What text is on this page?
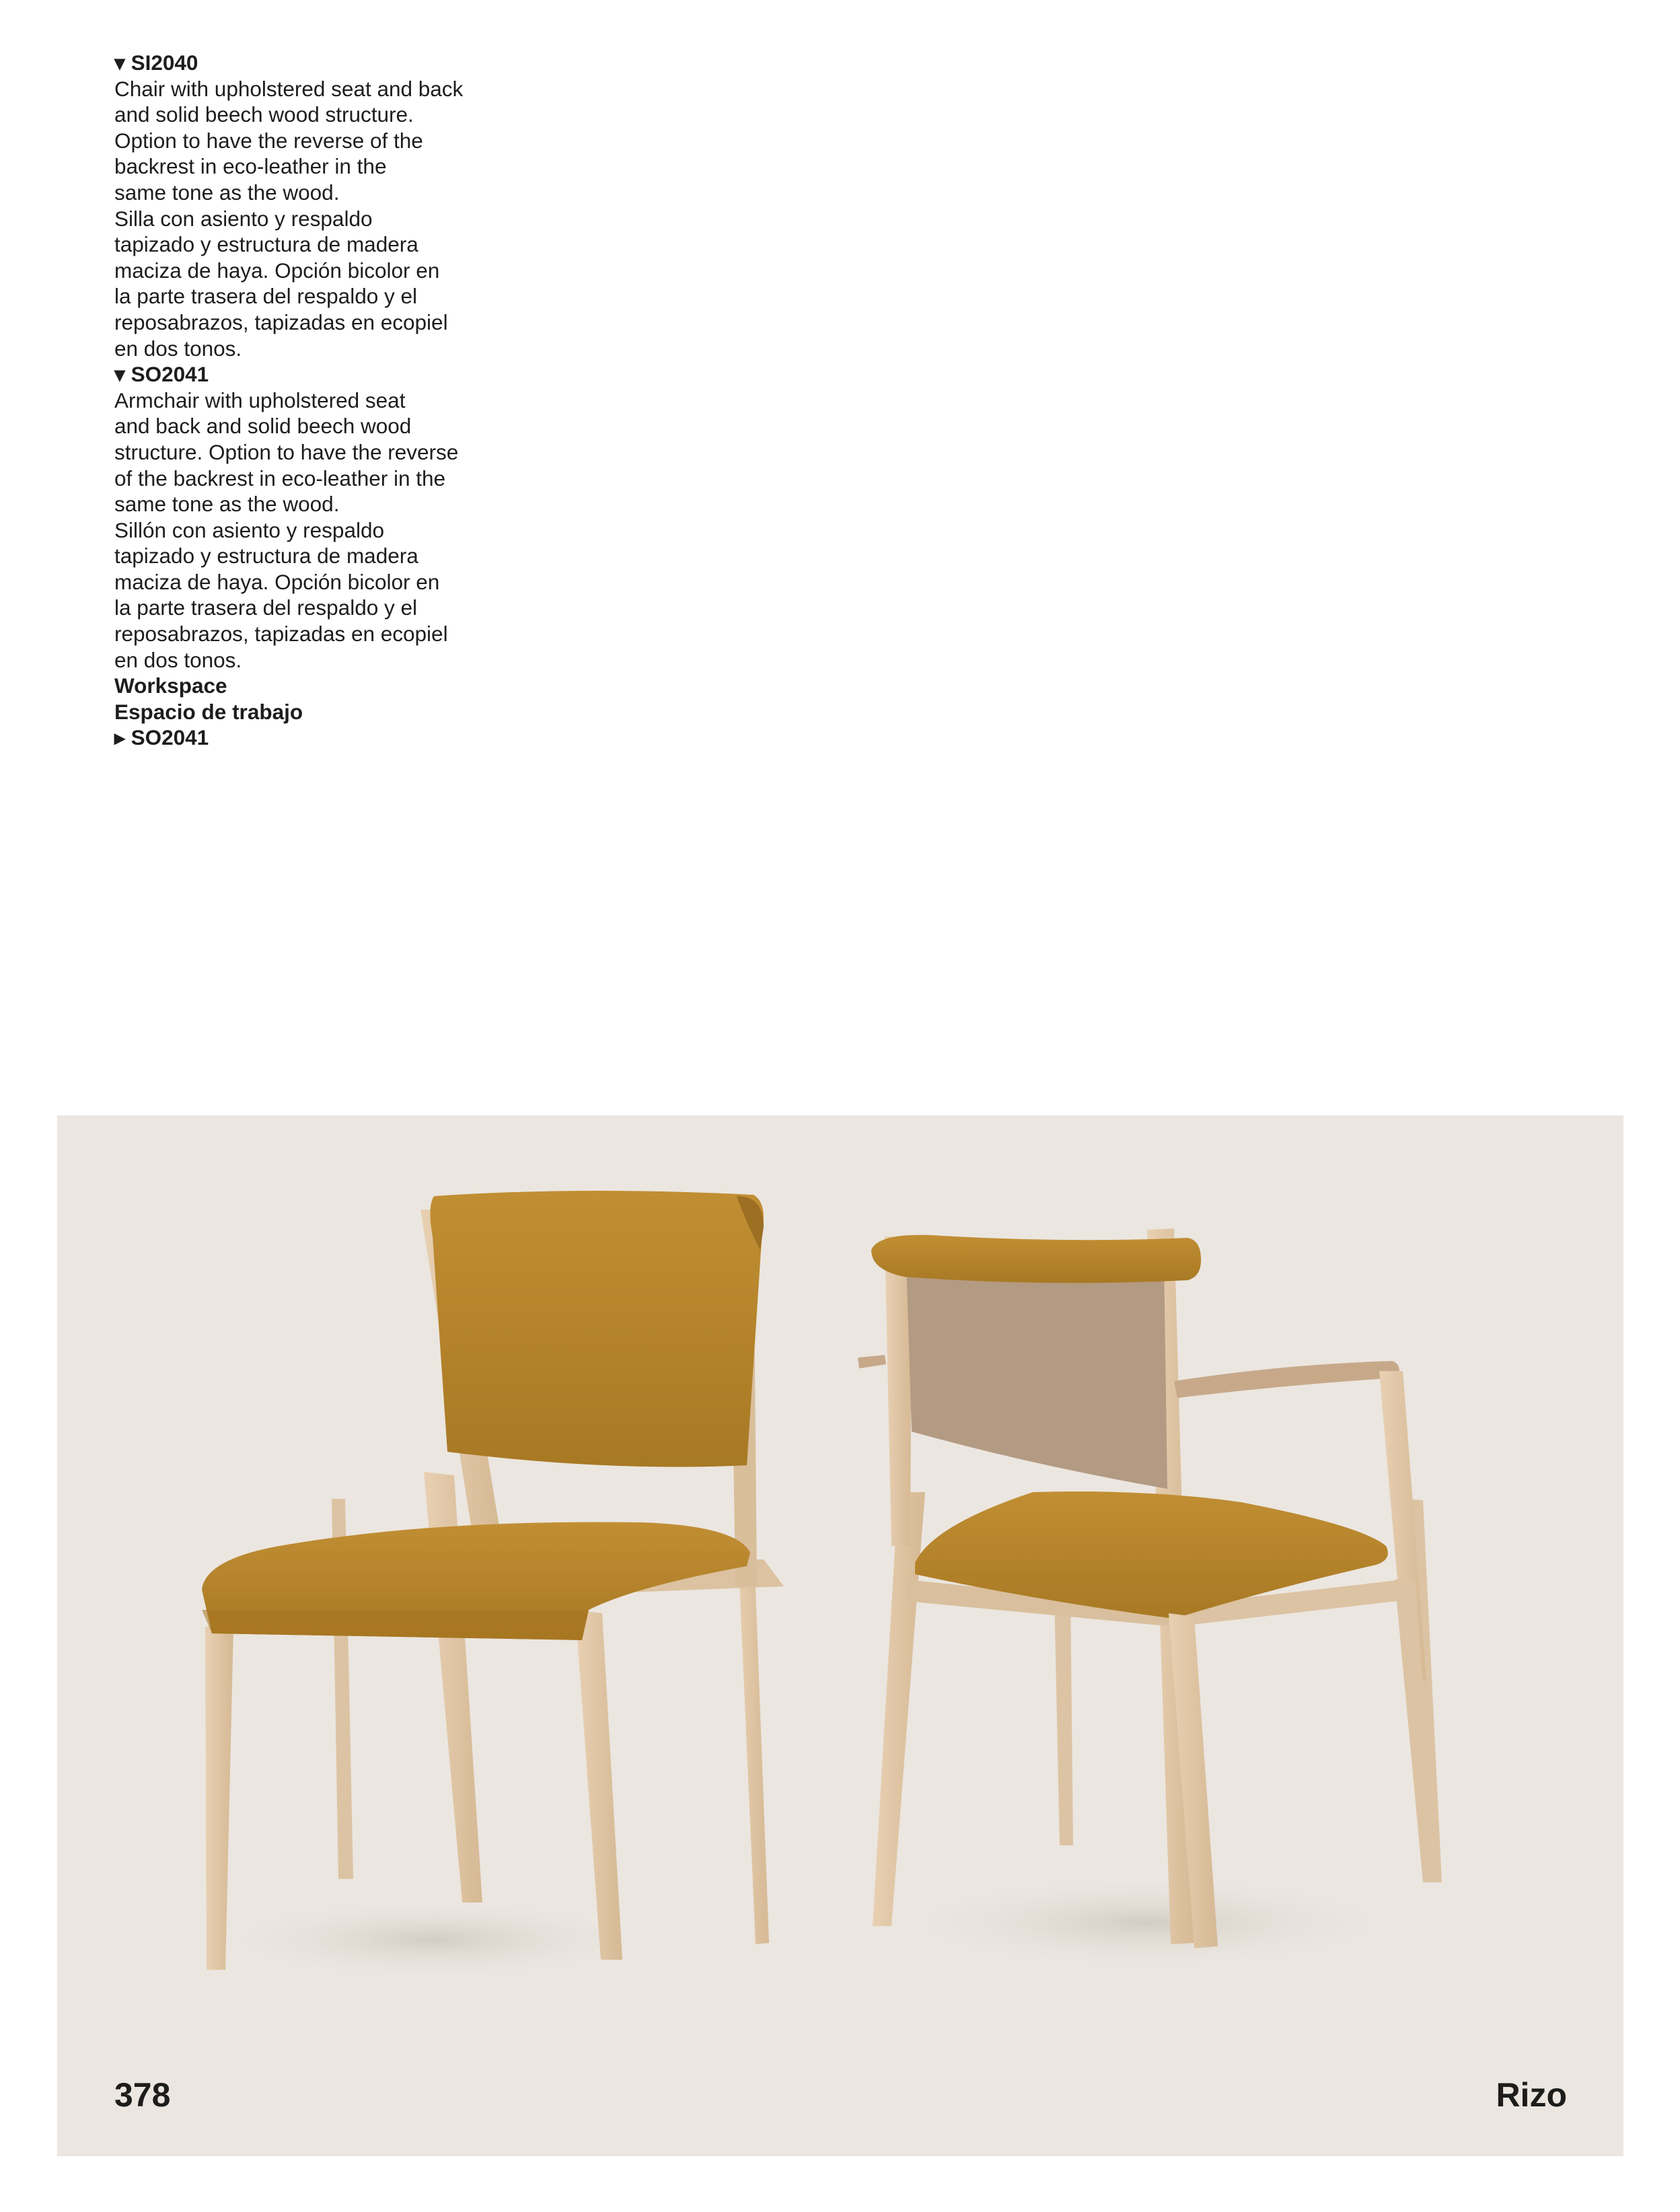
▾ SI2040

Chair with upholstered seat and back

and solid beech wood structure.

Option to have the reverse of the

backrest in eco-leather in the

same tone as the wood.

Silla con asiento y respaldo

tapizado y estructura de madera

maciza de haya. Opción bicolor en

la parte trasera del respaldo y el

reposabrazos, tapizadas en ecopiel

en dos tonos.

▾ SO2041

Armchair with upholstered seat

and back and solid beech wood

structure. Option to have the reverse

of the backrest in eco-leather in the

same tone as the wood.

Sillón con asiento y respaldo

tapizado y estructura de madera

maciza de haya. Opción bicolor en

la parte trasera del respaldo y el

reposabrazos, tapizadas en ecopiel

en dos tonos.

Workspace

Espacio de trabajo

▸ SO2041

378	Rizo
